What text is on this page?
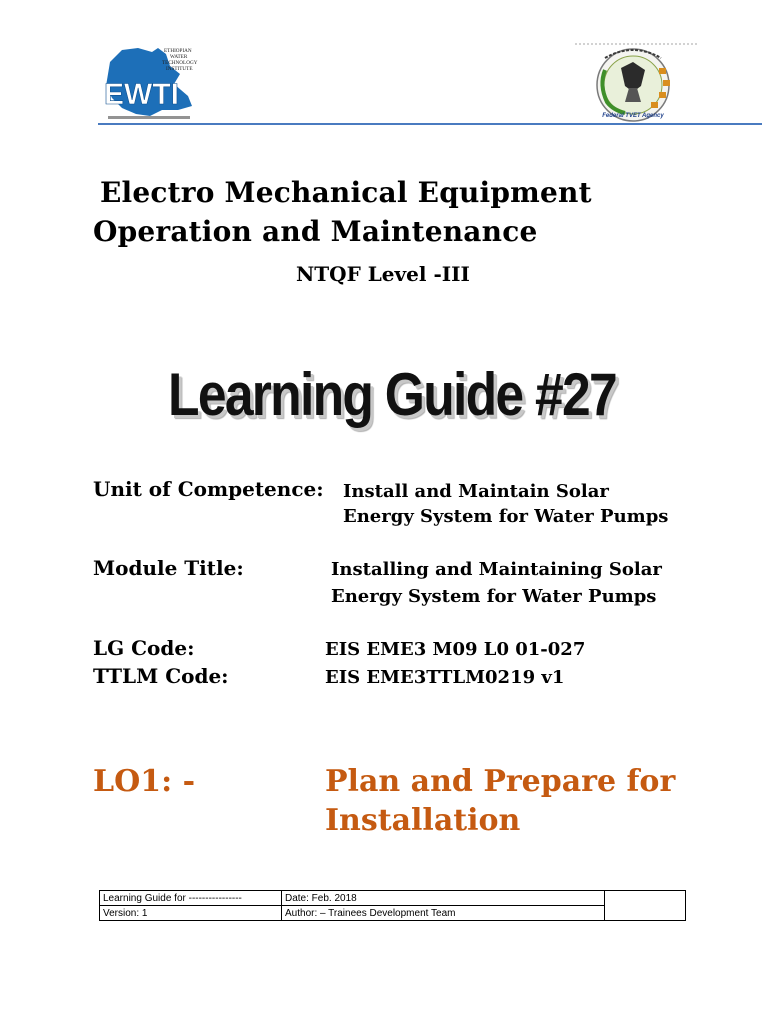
EWTI
ETHIOPIAN
WATER
TECHNOLOGY
INSTITUTE
Federal TVET Agency
Electro Mechanical Equipment
Operation and Maintenance
NTQF Level -III
Learning Guide #27
Unit of Competence: Install and Maintain Solar
Energy System for Water Pumps
Module Title:	Installing and Maintaining Solar
Energy System for Water Pumps
LG Code:	EIS EME3 M09 L0 01-027
TTLM Code:	EIS EME3TTLM0219 v1
LO1: -	Plan and Prepare for
Installation
Learning Guide for ----------------	Date: Feb. 2018	
Version: 1	Author: – Trainees Development Team	
